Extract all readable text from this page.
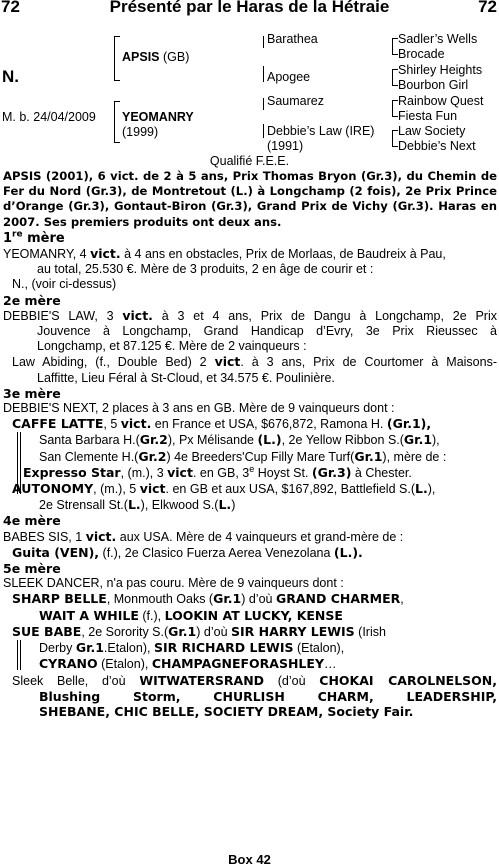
72	Présenté par le Haras de la Hétraie	72
N.
M. b. 24/04/2009
APSIS (GB)
YEOMANRY
(1999)
Barathea
Apogee
Saumarez
Debbie’s Law (IRE)
(1991)
Sadler’s Wells
Brocade
Shirley Heights
Bourbon Girl
Rainbow Quest
Fiesta Fun
Law Society
Debbie’s Next
Qualifié F.E.E.

APSIS (2001), 6 vict. de 2 à 5 ans, Prix Thomas Bryon (Gr.3), du Chemin de Fer du Nord (Gr.3), de Montretout (L.) à Longchamp (2 fois), 2e Prix Prince d’Orange (Gr.3), Gontaut-Biron (Gr.3), Grand Prix de Vichy (Gr.3). Haras en 2007. Ses premiers produits ont deux ans.

1re mère

YEOMANRY, 4 vict. à 4 ans en obstacles, Prix de Morlaas, de Baudreix à Pau,

au total, 25.530 €. Mère de 3 produits, 2 en âge de courir et :

N., (voir ci-dessus)

2e mère

DEBBIE'S LAW, 3 vict. à 3 et 4 ans, Prix de Dangu à Longchamp, 2e Prix

Jouvence à Longchamp, Grand Handicap d’Evry, 3e Prix Rieussec à

Longchamp, et 87.125 €. Mère de 2 vainqueurs :

Law Abiding, (f., Double Bed) 2 vict. à 3 ans, Prix de Courtomer à Maisons-

Laffitte, Lieu Féral à St-Cloud, et 34.575 €. Poulinière.

3e mère

DEBBIE'S NEXT, 2 places à 3 ans en GB. Mère de 9 vainqueurs dont :

CAFFE LATTE, 5 vict. en France et USA, $676,872, Ramona H. (Gr.1),

Santa Barbara H.(Gr.2), Px Mélisande (L.), 2e Yellow Ribbon S.(Gr.1),

San Clemente H.(Gr.2) 4e Breeders'Cup Filly Mare Turf(Gr.1), mère de :

Expresso Star, (m.), 3 vict. en GB, 3e Hoyst St. (Gr.3) à Chester.

AUTONOMY, (m.), 5 vict. en GB et aux USA, $167,892, Battlefield S.(L.),

2e Strensall St.(L.), Elkwood S.(L.)

4e mère

BABES SIS, 1 vict. aux USA. Mère de 4 vainqueurs et grand-mère de :

Guita (VEN), (f.), 2e Clasico Fuerza Aerea Venezolana (L.).

5e mère

SLEEK DANCER, n'a pas couru. Mère de 9 vainqueurs dont :

SHARP BELLE, Monmouth Oaks (Gr.1) d’où GRAND CHARMER,

WAIT A WHILE (f.), LOOKIN AT LUCKY, KENSE

SUE BABE, 2e Sorority S.(Gr.1) d’où SIR HARRY LEWIS (Irish

Derby Gr.1.Etalon), SIR RICHARD LEWIS (Etalon),

CYRANO (Etalon), CHAMPAGNEFORASHLEY…

Sleek Belle, d’où WITWATERSRAND (d’où CHOKAI CAROLNELSON,

Blushing Storm, CHURLISH CHARM, LEADERSHIP,

SHEBANE, CHIC BELLE, SOCIETY DREAM, Society Fair.

Box 42
